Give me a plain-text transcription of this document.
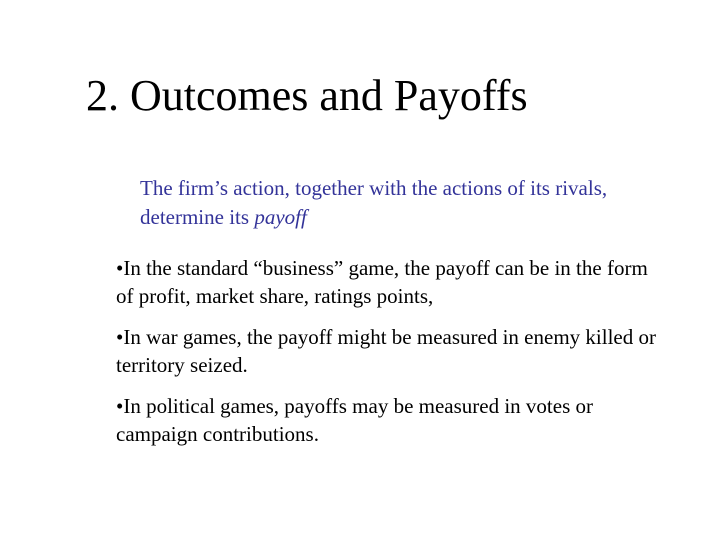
2. Outcomes and Payoffs

The firm’s action, together with the actions of its rivals, determine its payoff

•In the standard “business” game, the payoff can be in the form of profit, market share, ratings points,
•In war games, the payoff might be measured in enemy killed or territory seized.
•In political games, payoffs may be measured in votes or campaign contributions.
